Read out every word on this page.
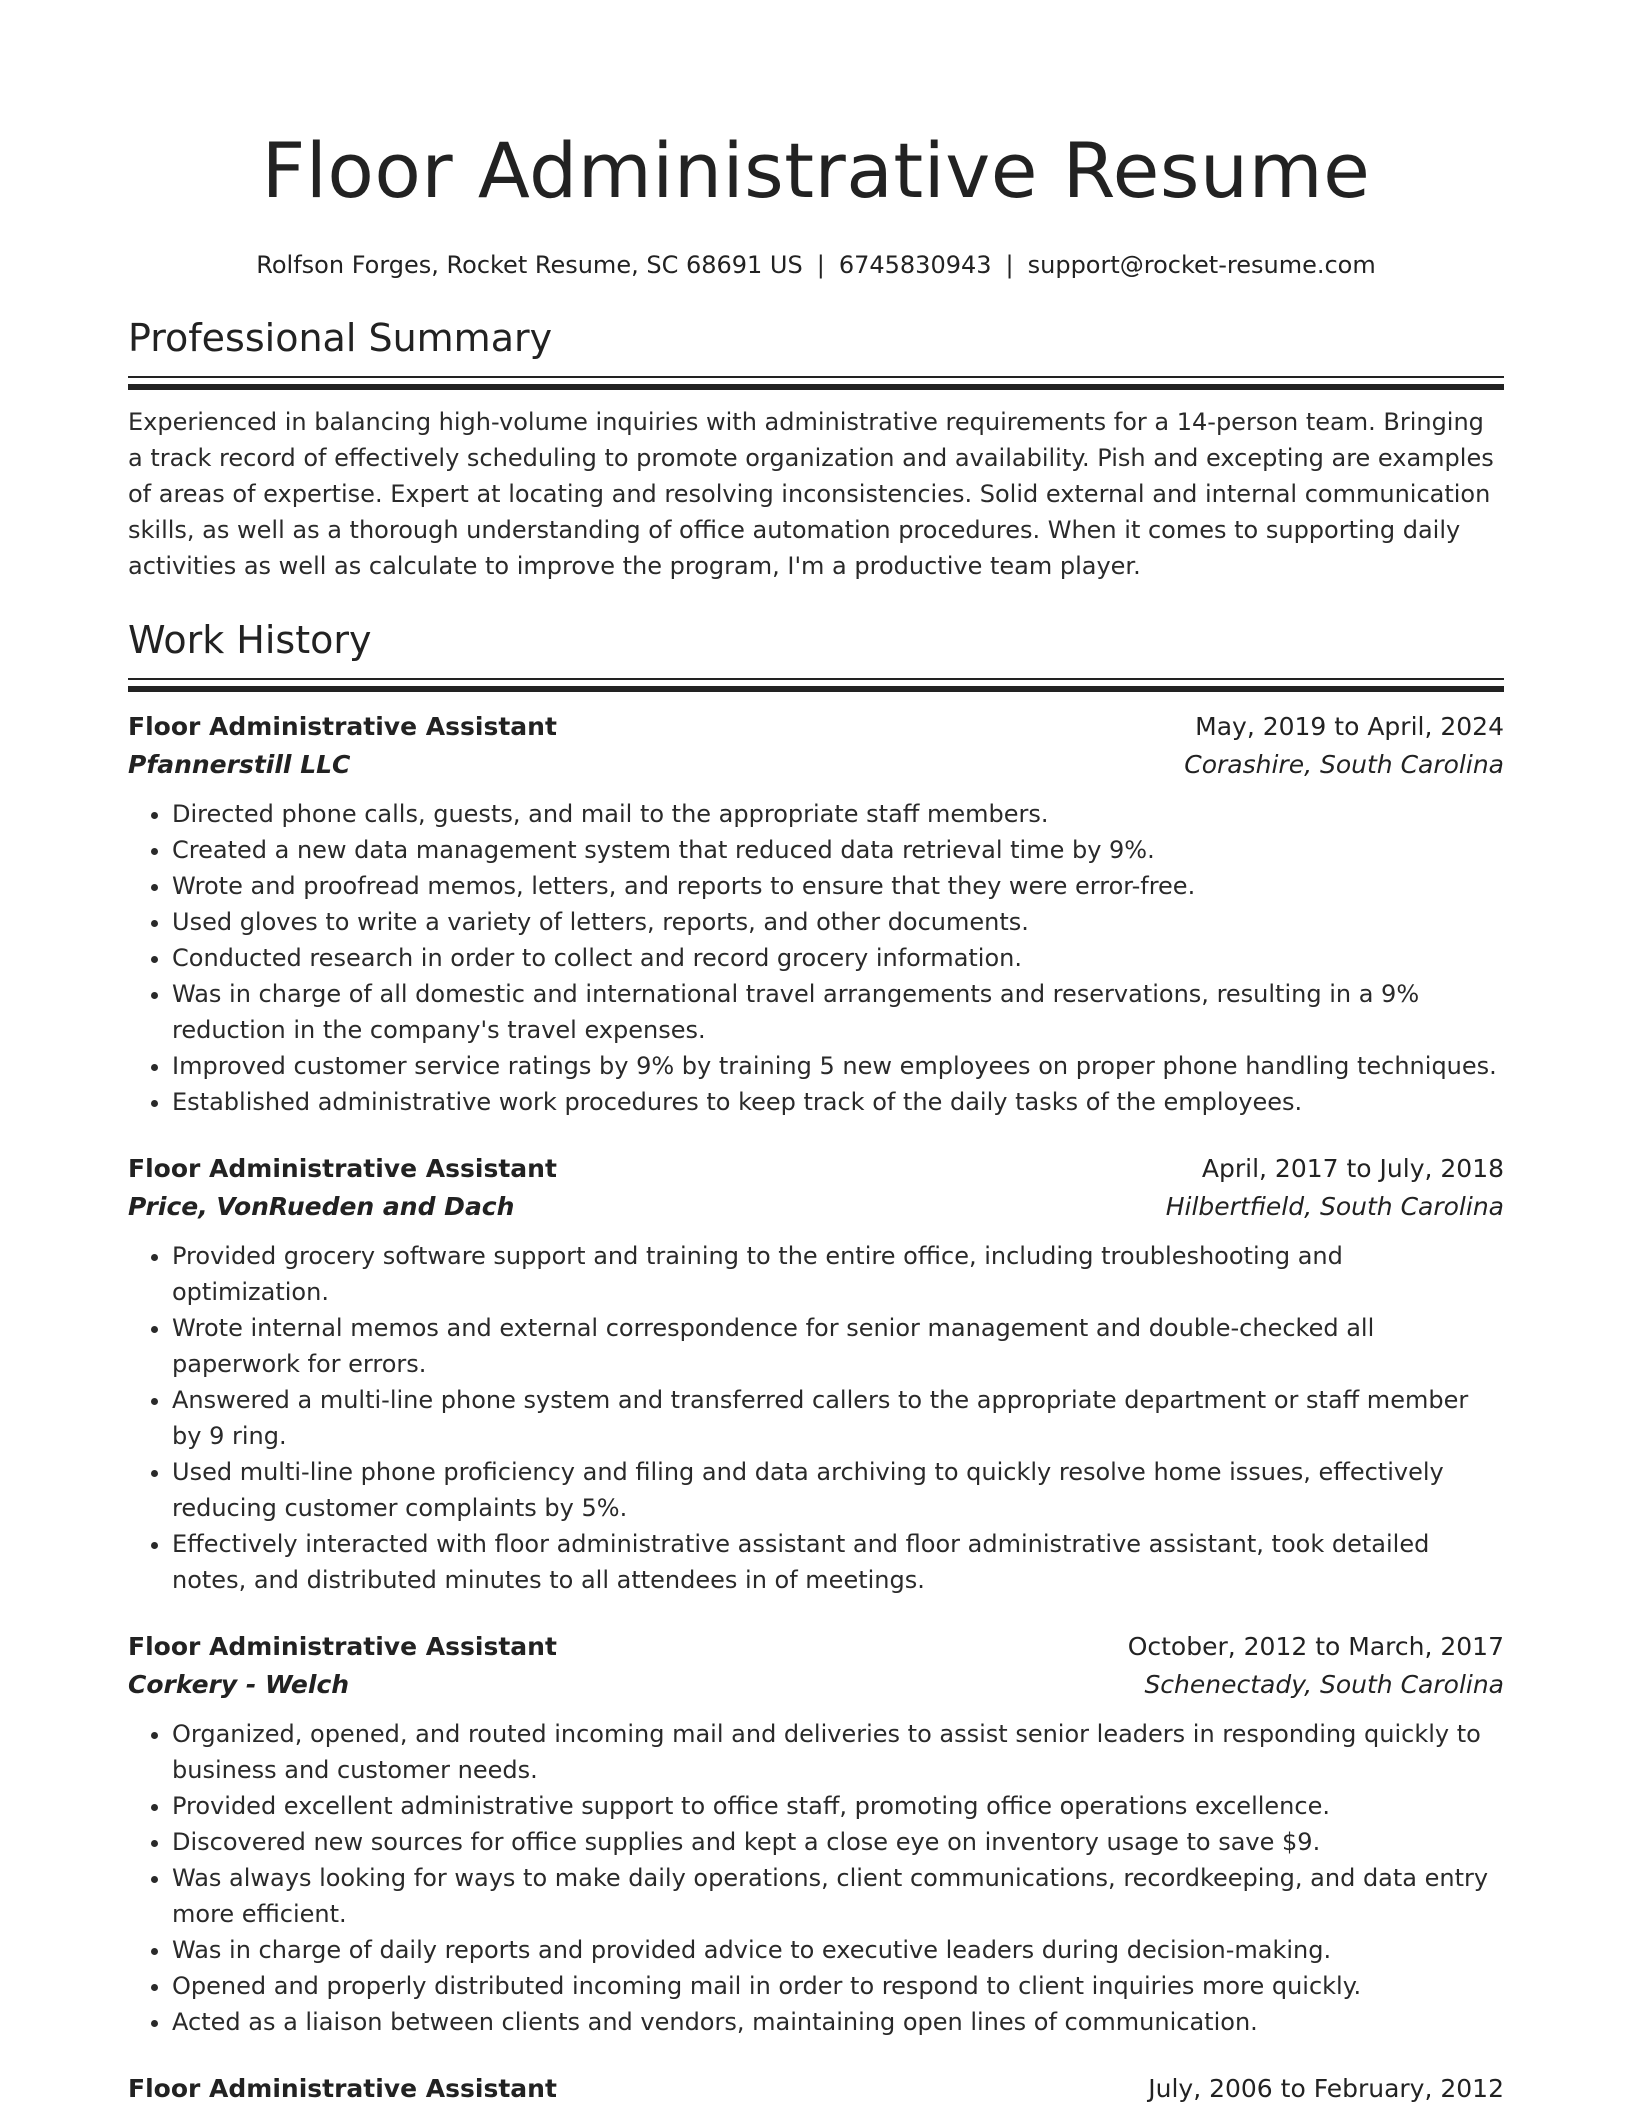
Floor Administrative Resume
Rolfson Forges, Rocket Resume, SC 68691 US | 6745830943 | support@rocket-resume.com
Professional Summary

Experienced in balancing high-volume inquiries with administrative requirements for a 14-person team. Bringing a track record of effectively scheduling to promote organization and availability. Pish and excepting are examples of areas of expertise. Expert at locating and resolving inconsistencies. Solid external and internal communication skills, as well as a thorough understanding of office automation procedures. When it comes to supporting daily activities as well as calculate to improve the program, I'm a productive team player.

Work History
Floor Administrative Assistant	May, 2019 to April, 2024
Pfannerstill LLC	Corashire, South Carolina
• Directed phone calls, guests, and mail to the appropriate staff members.
• Created a new data management system that reduced data retrieval time by 9%.
• Wrote and proofread memos, letters, and reports to ensure that they were error-free.
• Used gloves to write a variety of letters, reports, and other documents.
• Conducted research in order to collect and record grocery information.
• Was in charge of all domestic and international travel arrangements and reservations, resulting in a 9% reduction in the company's travel expenses.
• Improved customer service ratings by 9% by training 5 new employees on proper phone handling techniques.
• Established administrative work procedures to keep track of the daily tasks of the employees.
Floor Administrative Assistant	April, 2017 to July, 2018
Price, VonRueden and Dach	Hilbertfield, South Carolina
• Provided grocery software support and training to the entire office, including troubleshooting and optimization.
• Wrote internal memos and external correspondence for senior management and double-checked all paperwork for errors.
• Answered a multi-line phone system and transferred callers to the appropriate department or staff member by 9 ring.
• Used multi-line phone proficiency and filing and data archiving to quickly resolve home issues, effectively reducing customer complaints by 5%.
• Effectively interacted with floor administrative assistant and floor administrative assistant, took detailed notes, and distributed minutes to all attendees in of meetings.
Floor Administrative Assistant	October, 2012 to March, 2017
Corkery - Welch	Schenectady, South Carolina
• Organized, opened, and routed incoming mail and deliveries to assist senior leaders in responding quickly to business and customer needs.
• Provided excellent administrative support to office staff, promoting office operations excellence.
• Discovered new sources for office supplies and kept a close eye on inventory usage to save $9.
• Was always looking for ways to make daily operations, client communications, recordkeeping, and data entry more efficient.
• Was in charge of daily reports and provided advice to executive leaders during decision-making.
• Opened and properly distributed incoming mail in order to respond to client inquiries more quickly.
• Acted as a liaison between clients and vendors, maintaining open lines of communication.
Floor Administrative Assistant	July, 2006 to February, 2012
